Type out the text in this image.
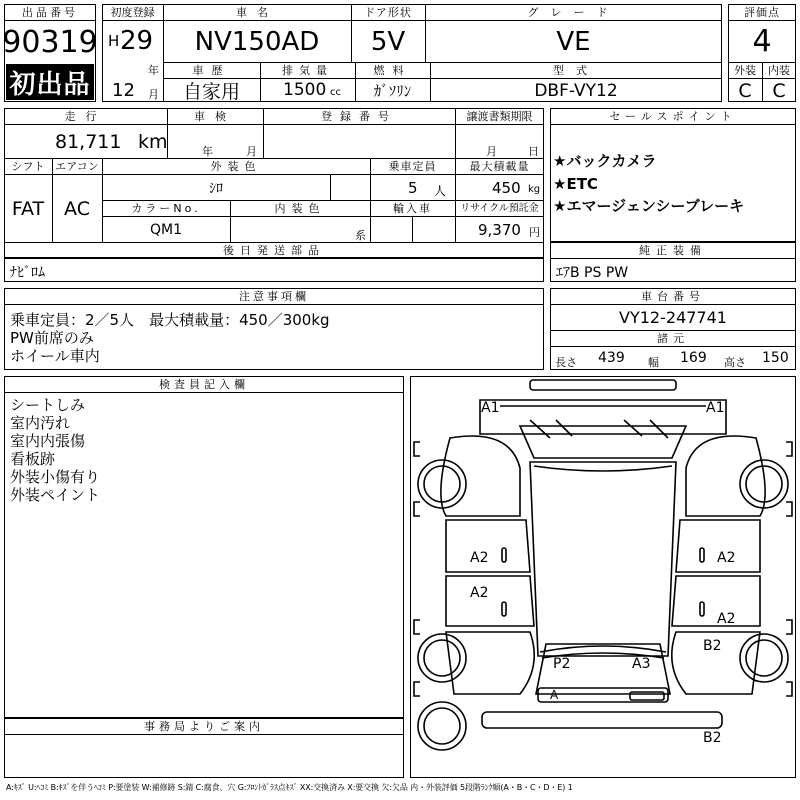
出品番号
90319
初出品
初度登録
H 29
年
12 月
車名
NV150AD
ドア形状
5V
グレード
VE
車歴
自家用
排気量
1500 cc
燃料
ｶﾞｿﾘﾝ
型式
DBF-VY12
評価点
4
外装	内装
C	C
走行
81,711 km
車検
年	月
登録番号	譲渡書類期限
月	日
シフト エアコン
FAT	AC
外装色
ｼﾛ
乗車定員
5 人
最大積載量
450 kg
カラーNo.
QM1
内装色
系
輸入車	リサイクル預託金
9,370 円
後日発送部品
ﾅﾋﾞﾛﾑ
セールスポイント
★バックカメラ
★ETC
★エマージェンシーブレーキ
純正装備
ｴｱB PS PW
注意事項欄
乗車定員：2／5人　最大積載量：450／300kg
PW前席のみ
ホイール車内
車台番号
VY12-247741
諸元
長さ 439 幅 169 高さ 150
検査員記入欄
シートしみ
室内汚れ
室内内張傷
看板跡
外装小傷有り
外装ペイント
事務局よりご案内
A1	A1
A2	A2
A2
A2
B2
P2	A3
A
B2
A:ｷｽﾞ U:ﾍｺﾐ B:ｷｽﾞを伴うﾍｺﾐ P:要塗装 W:補修跡 S:錆 C:腐食、穴 G:ﾌﾛﾝﾄｶﾞﾗｽ点ｷｽﾞ XX:交換済み X:要交換 欠:欠品 内・外装評価 5段階ﾗﾝｸ順(A・B・C・D・E) 1
